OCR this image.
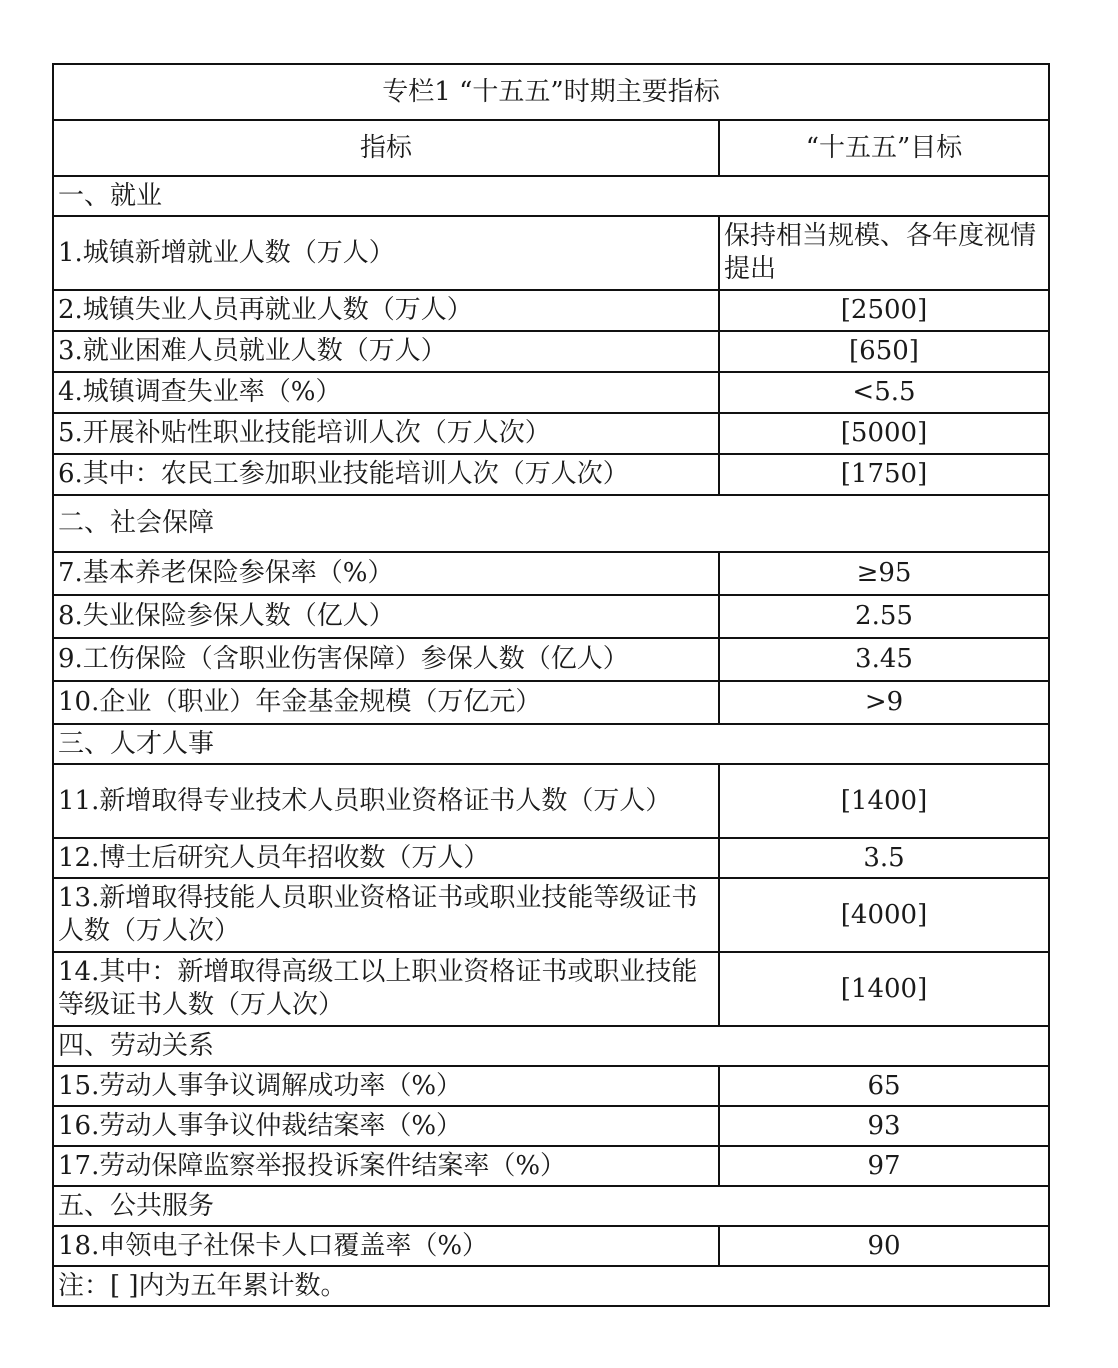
专栏1 “十五五”时期主要指标	
指标	“十五五”目标
一、就业	
1.城镇新增就业人数（万人）	保持相当规模、各年度视情提出
2.城镇失业人员再就业人数（万人）	[2500]
3.就业困难人员就业人数（万人）	[650]
4.城镇调查失业率（%）	<5.5
5.开展补贴性职业技能培训人次（万人次）	[5000]
6.其中：农民工参加职业技能培训人次（万人次）	[1750]
二、社会保障	
7.基本养老保险参保率（%）	≥95
8.失业保险参保人数（亿人）	2.55
9.工伤保险（含职业伤害保障）参保人数（亿人）	3.45
10.企业（职业）年金基金规模（万亿元）	>9
三、人才人事	
11.新增取得专业技术人员职业资格证书人数（万人）	[1400]
12.博士后研究人员年招收数（万人）	3.5
13.新增取得技能人员职业资格证书或职业技能等级证书人数（万人次）	[4000]
14.其中：新增取得高级工以上职业资格证书或职业技能等级证书人数（万人次）	[1400]
四、劳动关系	
15.劳动人事争议调解成功率（%）	65
16.劳动人事争议仲裁结案率（%）	93
17.劳动保障监察举报投诉案件结案率（%）	97
五、公共服务	
18.申领电子社保卡人口覆盖率（%）	90
注：[ ]内为五年累计数。	
